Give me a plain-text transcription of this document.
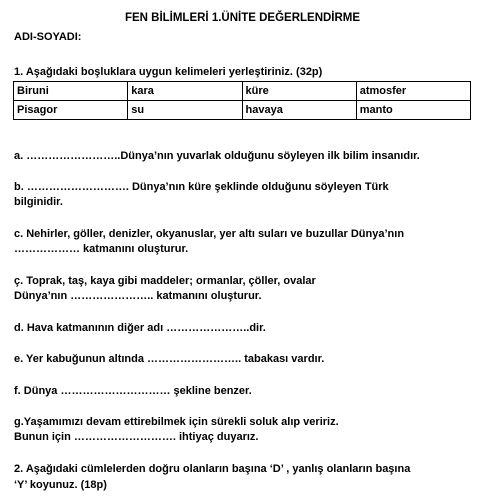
FEN BİLİMLERİ 1.ÜNİTE DEĞERLENDİRME
ADI-SOYADI:
1. Aşağıdaki boşluklara uygun kelimeleri yerleştiriniz. (32p)
Biruni	kara	küre	atmosfer
Pisagor	su	havaya	manto
a. ……………………..Dünya’nın yuvarlak olduğunu söyleyen ilk bilim insanıdır.
b. ………………………. Dünya’nın küre şeklinde olduğunu söyleyen Türk
bilginidir.
c. Nehirler, göller, denizler, okyanuslar, yer altı suları ve buzullar Dünya’nın
……………… katmanını oluşturur.
ç. Toprak, taş, kaya gibi maddeler; ormanlar, çöller, ovalar
Dünya’nın ………………….. katmanını oluşturur.
d. Hava katmanının diğer adı …………………..dir.
e. Yer kabuğunun altında …………………….. tabakası vardır.
f. Dünya ………………………… şekline benzer.
g.Yaşamımızı devam ettirebilmek için sürekli soluk alıp veririz.
Bunun için ………………………. ihtiyaç duyarız.
2. Aşağıdaki cümlelerden doğru olanların başına ‘D’ , yanlış olanların başına
‘Y’ koyunuz. (18p)
